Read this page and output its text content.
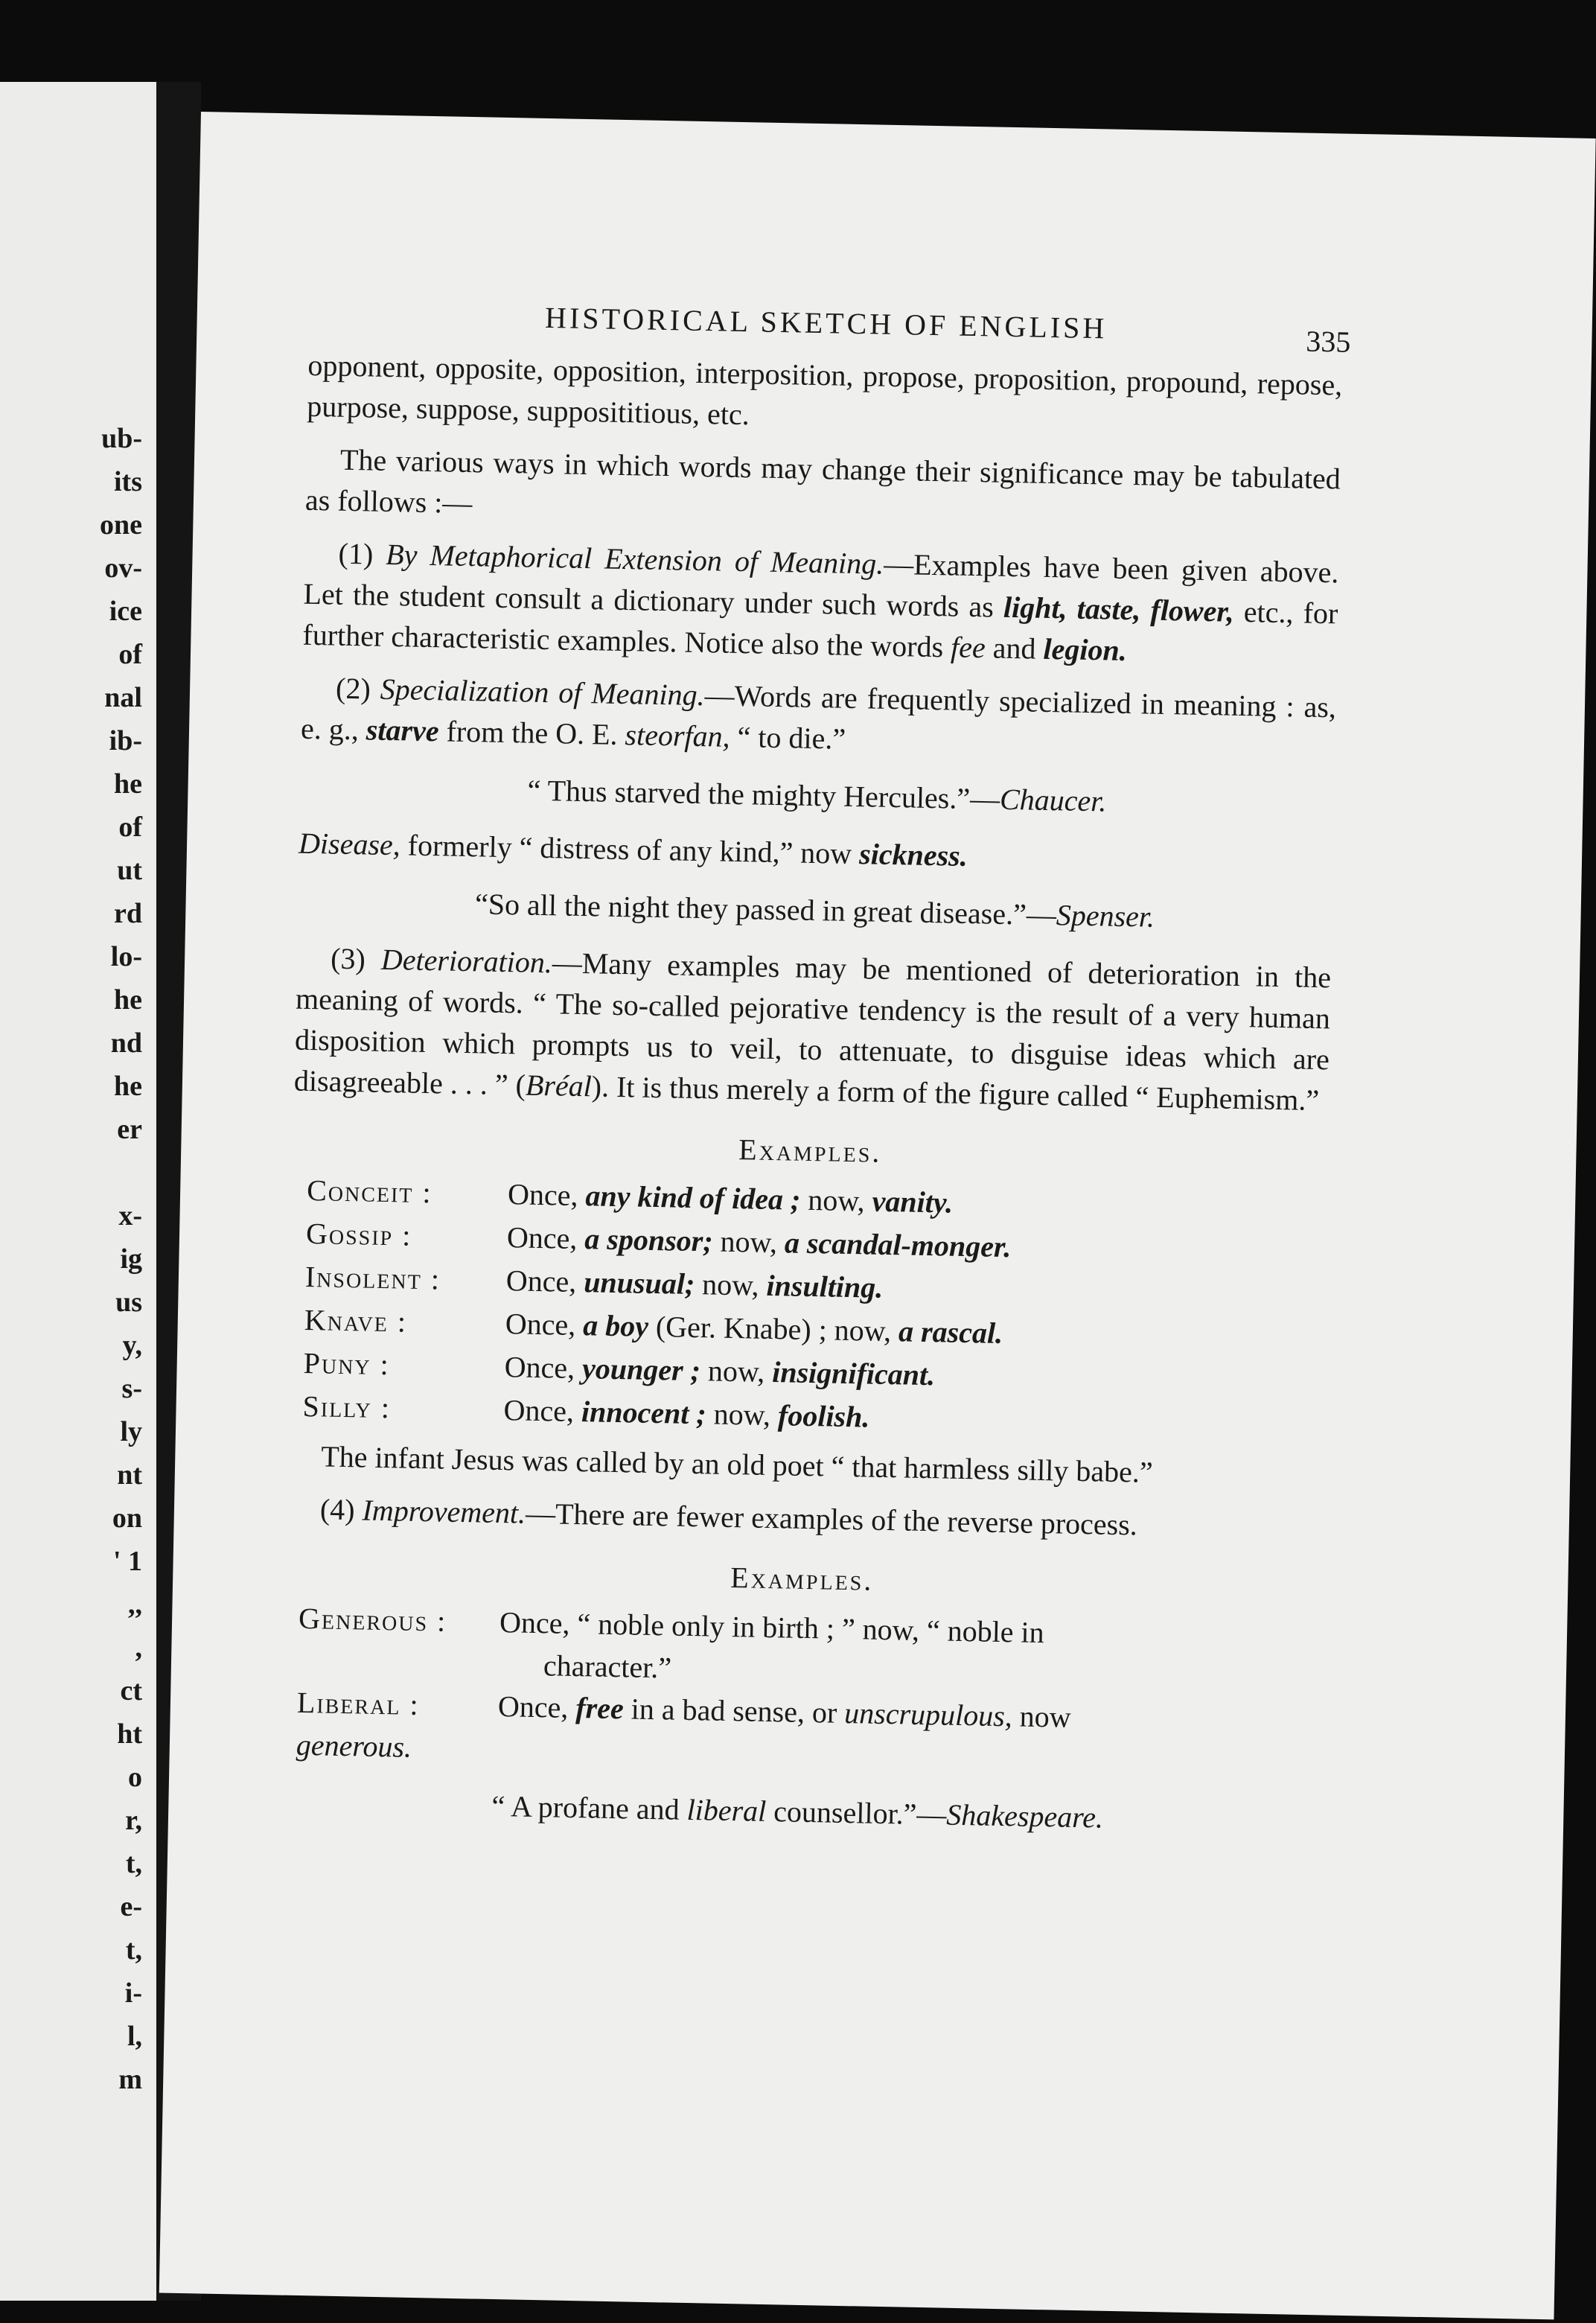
ub-
its
one
ov-
ice
of
nal
ib-
he
of
ut
rd
lo-
he
nd
he
er
x-
ig
us
y,
s-
ly
nt
on
' 1
,,
,
ct
ht
o
r,
t,
e-
t,
i-
l,
m
HISTORICAL SKETCH OF ENGLISH	335

opponent, opposite, opposition, interposition, propose, proposition, propound, repose, purpose, suppose, supposititious, etc.

The various ways in which words may change their significance may be tabulated as follows :—

(1) By Metaphorical Extension of Meaning.—Examples have been given above. Let the student consult a dictionary under such words as light, taste, flower, etc., for further characteristic examples. Notice also the words fee and legion.

(2) Specialization of Meaning.—Words are frequently specialized in meaning : as, e. g., starve from the O. E. steorfan, “ to die.”

“ Thus starved the mighty Hercules.”—Chaucer.

Disease, formerly “ distress of any kind,” now sickness.

“So all the night they passed in great disease.”—Spenser.

(3) Deterioration.—Many examples may be mentioned of deterioration in the meaning of words. “ The so-called pejorative tendency is the result of a very human disposition which prompts us to veil, to attenuate, to disguise ideas which are disagreeable . . . ” (Bréal). It is thus merely a form of the figure called “ Euphemism.”

Examples.
Conceit :	Once, any kind of idea ; now, vanity.
Gossip :	Once, a sponsor; now, a scandal-monger.
Insolent :	Once, unusual; now, insulting.
Knave :	Once, a boy (Ger. Knabe) ; now, a rascal.
Puny :	Once, younger ; now, insignificant.
Silly :	Once, innocent ; now, foolish.

The infant Jesus was called by an old poet “ that harmless silly babe.”

(4) Improvement.—There are fewer examples of the reverse process.

Examples.
Generous :	Once, “ noble only in birth ; ” now, “ noble in
character.”
Liberal :	Once, free in a bad sense, or unscrupulous, now
generous.

“ A profane and liberal counsellor.”—Shakespeare.
